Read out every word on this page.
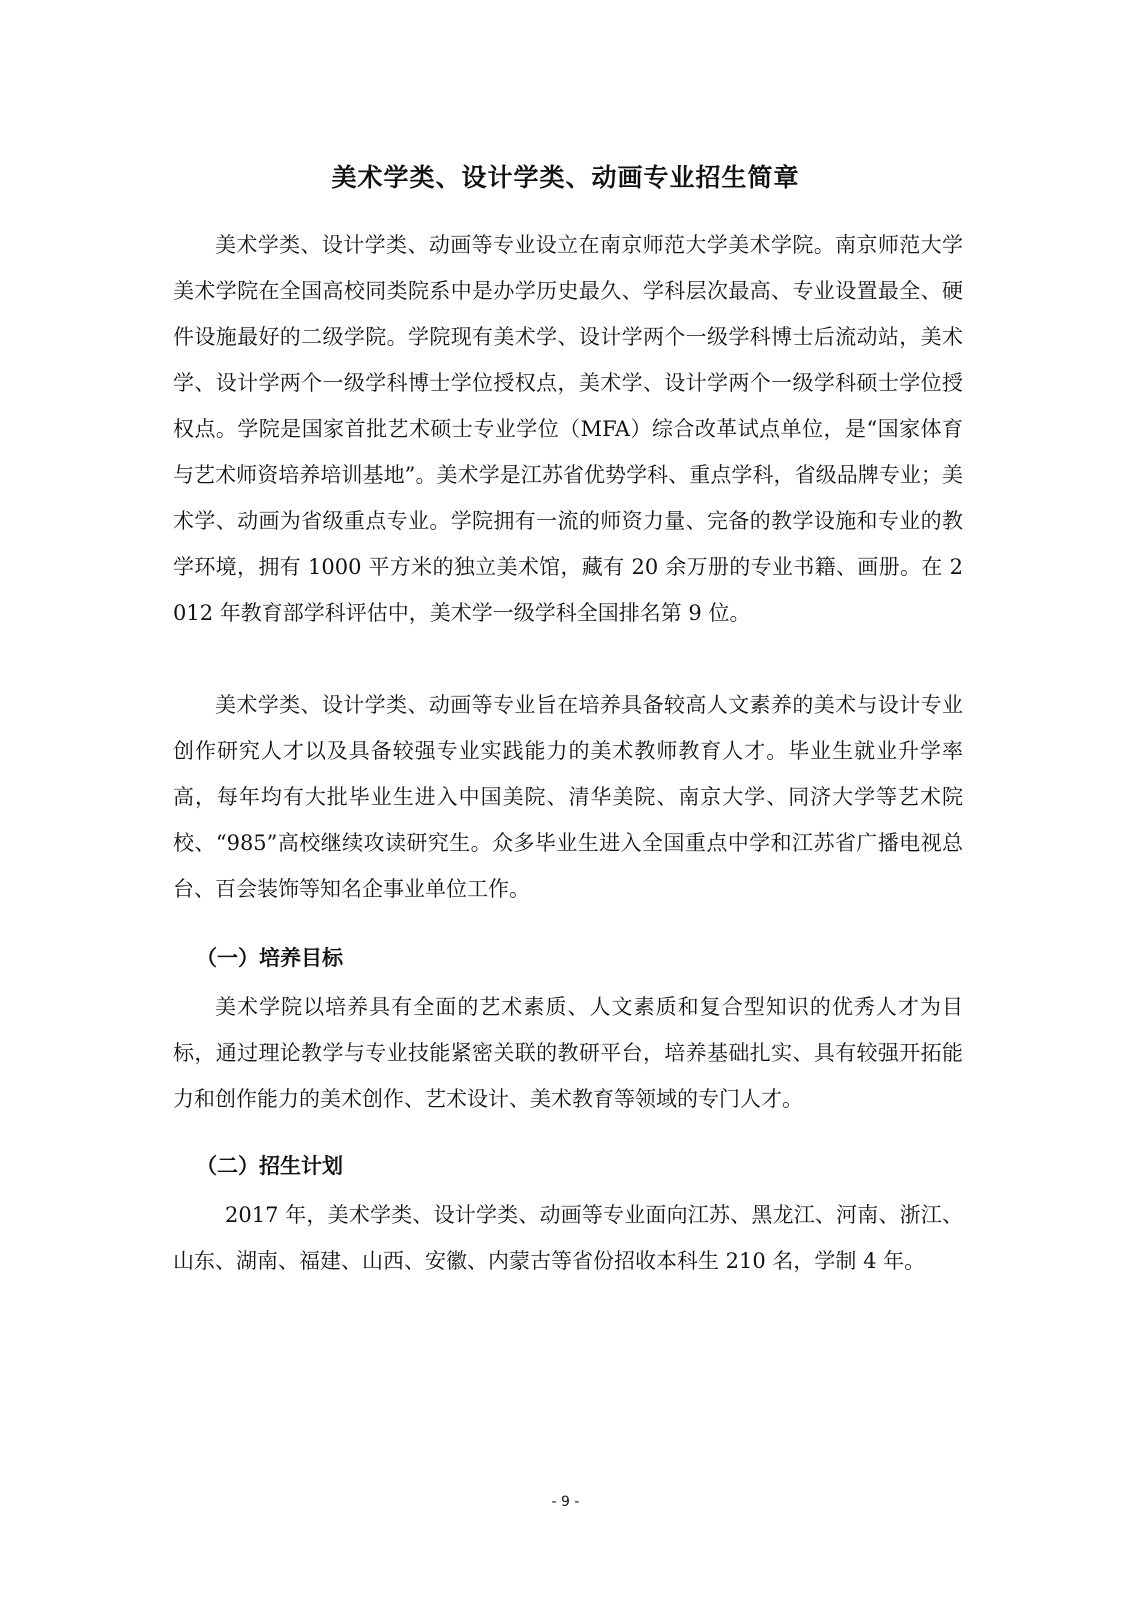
美术学类、设计学类、动画专业招生简章

美术学类、设计学类、动画等专业设立在南京师范大学美术学院。南京师范大学美术学院在全国高校同类院系中是办学历史最久、学科层次最高、专业设置最全、硬件设施最好的二级学院。学院现有美术学、设计学两个一级学科博士后流动站，美术学、设计学两个一级学科博士学位授权点，美术学、设计学两个一级学科硕士学位授权点。学院是国家首批艺术硕士专业学位（MFA）综合改革试点单位，是“国家体育与艺术师资培养培训基地”。美术学是江苏省优势学科、重点学科，省级品牌专业；美术学、动画为省级重点专业。学院拥有一流的师资力量、完备的教学设施和专业的教学环境，拥有 1000 平方米的独立美术馆，藏有 20 余万册的专业书籍、画册。在 2012 年教育部学科评估中，美术学一级学科全国排名第 9 位。

美术学类、设计学类、动画等专业旨在培养具备较高人文素养的美术与设计专业创作研究人才以及具备较强专业实践能力的美术教师教育人才。毕业生就业升学率高，每年均有大批毕业生进入中国美院、清华美院、南京大学、同济大学等艺术院校、“985”高校继续攻读研究生。众多毕业生进入全国重点中学和江苏省广播电视总台、百会装饰等知名企事业单位工作。

（一）培养目标

美术学院以培养具有全面的艺术素质、人文素质和复合型知识的优秀人才为目标，通过理论教学与专业技能紧密关联的教研平台，培养基础扎实、具有较强开拓能力和创作能力的美术创作、艺术设计、美术教育等领域的专门人才。

（二）招生计划

2017 年，美术学类、设计学类、动画等专业面向江苏、黑龙江、河南、浙江、山东、湖南、福建、山西、安徽、内蒙古等省份招收本科生 210 名，学制 4 年。

- 9 -
